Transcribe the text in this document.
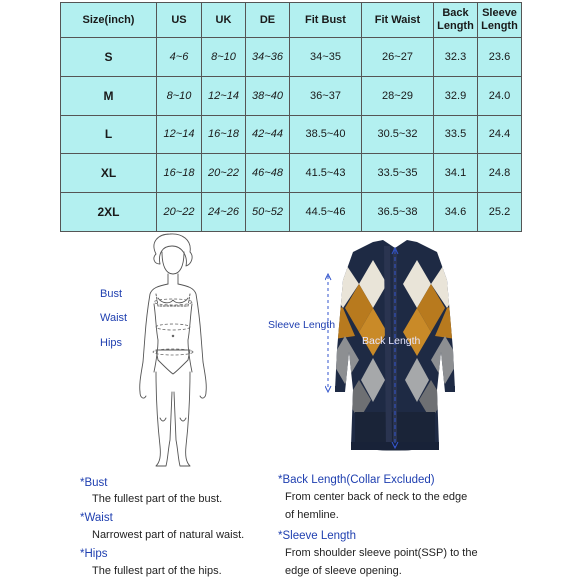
Size(inch)	US	UK	DE	Fit Bust	Fit Waist	Back Length	Sleeve Length
S	4~6	8~10	34~36	34~35	26~27	32.3	23.6
M	8~10	12~14	38~40	36~37	28~29	32.9	24.0
L	12~14	16~18	42~44	38.5~40	30.5~32	33.5	24.4
XL	16~18	20~22	46~48	41.5~43	33.5~35	34.1	24.8
2XL	20~22	24~26	50~52	44.5~46	36.5~38	34.6	25.2
Bust
Waist
Hips
Sleeve Length
Back Length
*Bust
The fullest part of the bust.
*Waist
Narrowest part of natural waist.
*Hips
The fullest part of the hips.
*Back Length(Collar Excluded)
From center back of neck to the edge
of hemline.
*Sleeve Length
From shoulder sleeve point(SSP) to the
edge of sleeve opening.
